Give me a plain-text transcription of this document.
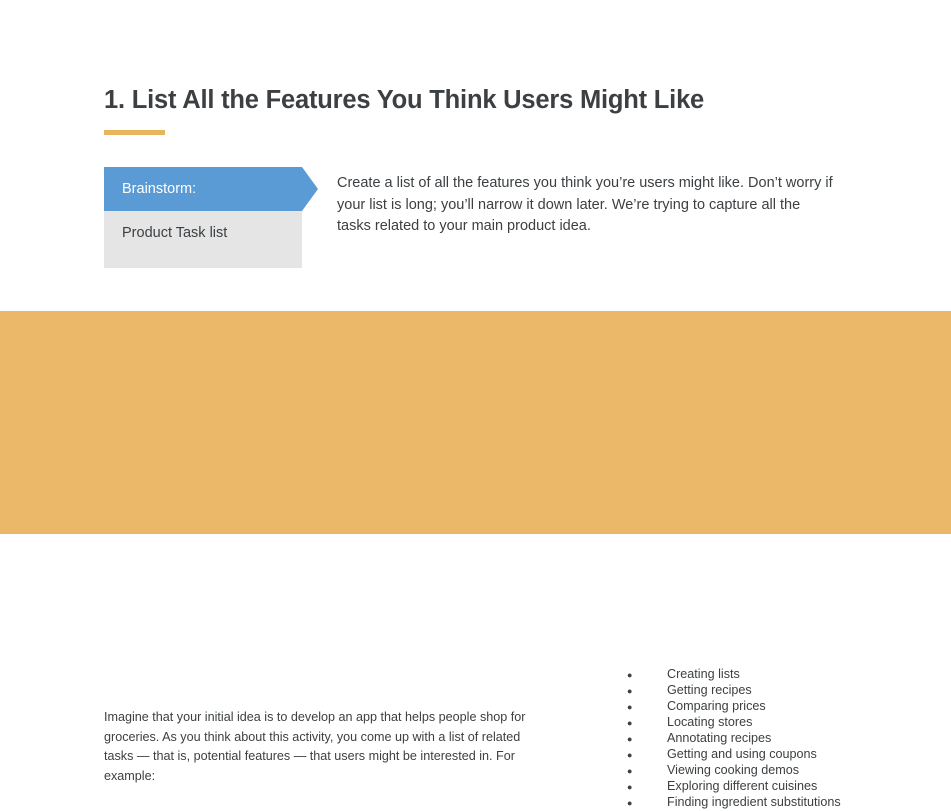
1. List All the Features You Think Users Might Like
Brainstorm:
Product Task list
Create a list of all the features you think you’re users might like. Don’t worry if your list is long; you’ll narrow it down later. We’re trying to capture all the tasks related to your main product idea.
Case Study
Imagine that your initial idea is to develop an app that helps people shop for groceries. As you think about this activity, you come up with a list of related tasks — that is, potential features — that users might be interested in. For example:
●	Creating lists
●	Getting recipes
●	Comparing prices
●	Locating stores
●	Annotating recipes
●	Getting and using coupons
●	Viewing cooking demos
●	Exploring different cuisines
●	Finding ingredient substitutions
